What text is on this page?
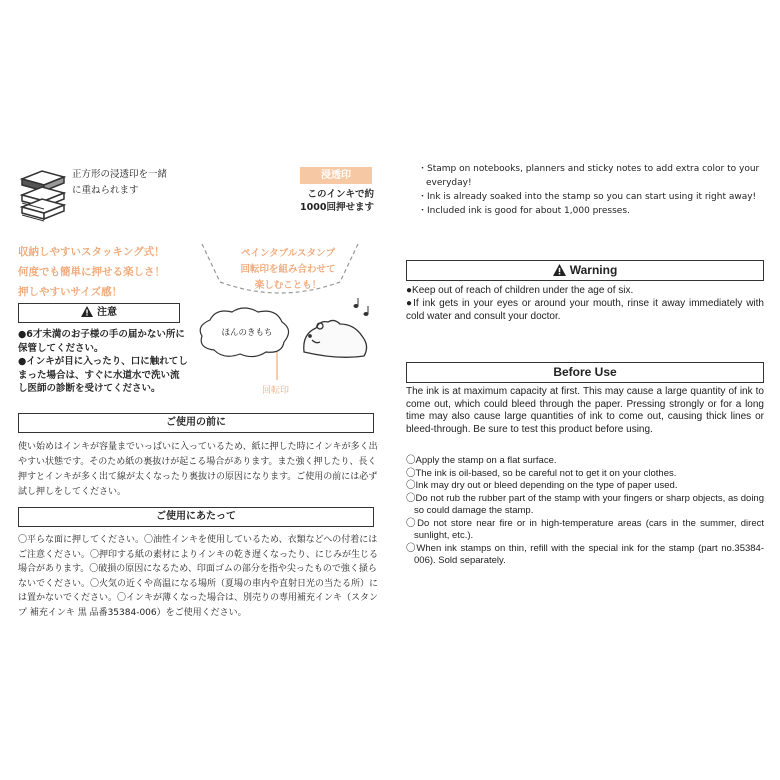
正方形の浸透印を一緒に重ねられます
浸透印
このインキで約1000回押せます
収納しやすいスタッキング式！
何度でも簡単に押せる楽しさ！
押しやすいサイズ感！
ペインタブルスタンプ
回転印を組み合わせて
楽しむことも！
ほんのきもち
回転印
注意
●6才未満のお子様の手の届かない所に保管してください。
●インキが目に入ったり、口に触れてしまった場合は、すぐに水道水で洗い流し医師の診断を受けてください。
ご使用の前に
使い始めはインキが容量までいっぱいに入っているため、紙に押した時にインキが多く出やすい状態です。そのため紙の裏抜けが起こる場合があります。また強く押したり、長く押すとインキが多く出て線が太くなったり裏抜けの原因になります。ご使用の前には必ず試し押しをしてください。
ご使用にあたって
〇平らな面に押してください。〇油性インキを使用しているため、衣類などへの付着にはご注意ください。〇押印する紙の素材によりインキの乾き遅くなったり、にじみが生じる場合があります。〇破損の原因になるため、印面ゴムの部分を指や尖ったもので強く掻らないでください。〇火気の近くや高温になる場所（夏場の車内や直射日光の当たる所）には置かないでください。〇インキが薄くなった場合は、別売りの専用補充インキ（スタンプ 補充インキ 黒 品番35384-006）をご使用ください。
・Stamp on notebooks, planners and sticky notes to add extra color to your everyday!
・Ink is already soaked into the stamp so you can start using it right away!
・Included ink is good for about 1,000 presses.
Warning
●Keep out of reach of children under the age of six.
●If ink gets in your eyes or around your mouth, rinse it away immediately with cold water and consult your doctor.
Before Use
The ink is at maximum capacity at first. This may cause a large quantity of ink to come out, which could bleed through the paper. Pressing strongly or for a long time may also cause large quantities of ink to come out, causing thick lines or bleed-through. Be sure to test this product before using.
〇Apply the stamp on a flat surface.
〇The ink is oil-based, so be careful not to get it on your clothes.
〇Ink may dry out or bleed depending on the type of paper used.
〇Do not rub the rubber part of the stamp with your fingers or sharp objects, as doing so could damage the stamp.
〇Do not store near fire or in high-temperature areas (cars in the summer, direct sunlight, etc.).
〇When ink stamps on thin, refill with the special ink for the stamp (part no.35384-006). Sold separately.
